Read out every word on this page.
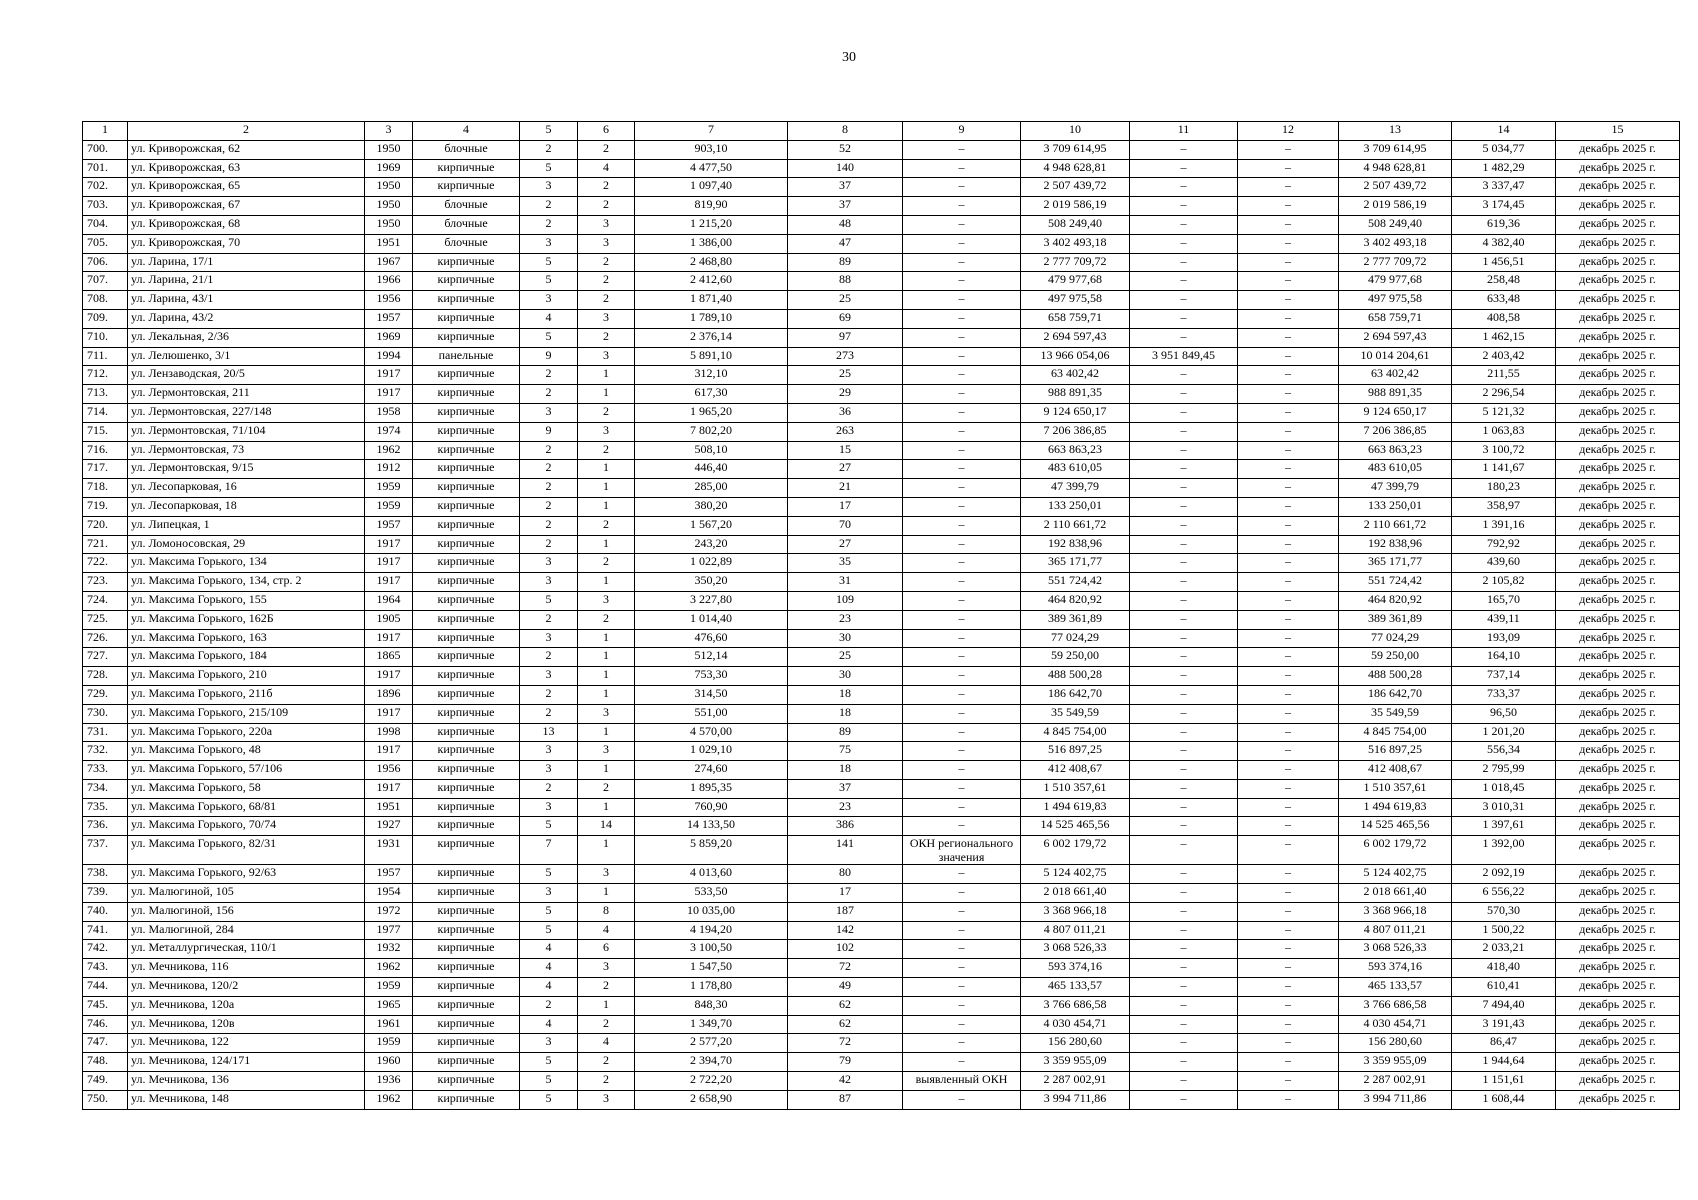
30
1	2	3	4	5	6	7	8	9	10	11	12	13	14	15
700.	ул. Криворожская, 62	1950	блочные	2	2	903,10	52	–	3 709 614,95	–	–	3 709 614,95	5 034,77	декабрь 2025 г.
701.	ул. Криворожская, 63	1969	кирпичные	5	4	4 477,50	140	–	4 948 628,81	–	–	4 948 628,81	1 482,29	декабрь 2025 г.
702.	ул. Криворожская, 65	1950	кирпичные	3	2	1 097,40	37	–	2 507 439,72	–	–	2 507 439,72	3 337,47	декабрь 2025 г.
703.	ул. Криворожская, 67	1950	блочные	2	2	819,90	37	–	2 019 586,19	–	–	2 019 586,19	3 174,45	декабрь 2025 г.
704.	ул. Криворожская, 68	1950	блочные	2	3	1 215,20	48	–	508 249,40	–	–	508 249,40	619,36	декабрь 2025 г.
705.	ул. Криворожская, 70	1951	блочные	3	3	1 386,00	47	–	3 402 493,18	–	–	3 402 493,18	4 382,40	декабрь 2025 г.
706.	ул. Ларина, 17/1	1967	кирпичные	5	2	2 468,80	89	–	2 777 709,72	–	–	2 777 709,72	1 456,51	декабрь 2025 г.
707.	ул. Ларина, 21/1	1966	кирпичные	5	2	2 412,60	88	–	479 977,68	–	–	479 977,68	258,48	декабрь 2025 г.
708.	ул. Ларина, 43/1	1956	кирпичные	3	2	1 871,40	25	–	497 975,58	–	–	497 975,58	633,48	декабрь 2025 г.
709.	ул. Ларина, 43/2	1957	кирпичные	4	3	1 789,10	69	–	658 759,71	–	–	658 759,71	408,58	декабрь 2025 г.
710.	ул. Лекальная, 2/36	1969	кирпичные	5	2	2 376,14	97	–	2 694 597,43	–	–	2 694 597,43	1 462,15	декабрь 2025 г.
711.	ул. Лелюшенко, 3/1	1994	панельные	9	3	5 891,10	273	–	13 966 054,06	3 951 849,45	–	10 014 204,61	2 403,42	декабрь 2025 г.
712.	ул. Лензаводская, 20/5	1917	кирпичные	2	1	312,10	25	–	63 402,42	–	–	63 402,42	211,55	декабрь 2025 г.
713.	ул. Лермонтовская, 211	1917	кирпичные	2	1	617,30	29	–	988 891,35	–	–	988 891,35	2 296,54	декабрь 2025 г.
714.	ул. Лермонтовская, 227/148	1958	кирпичные	3	2	1 965,20	36	–	9 124 650,17	–	–	9 124 650,17	5 121,32	декабрь 2025 г.
715.	ул. Лермонтовская, 71/104	1974	кирпичные	9	3	7 802,20	263	–	7 206 386,85	–	–	7 206 386,85	1 063,83	декабрь 2025 г.
716.	ул. Лермонтовская, 73	1962	кирпичные	2	2	508,10	15	–	663 863,23	–	–	663 863,23	3 100,72	декабрь 2025 г.
717.	ул. Лермонтовская, 9/15	1912	кирпичные	2	1	446,40	27	–	483 610,05	–	–	483 610,05	1 141,67	декабрь 2025 г.
718.	ул. Лесопарковая, 16	1959	кирпичные	2	1	285,00	21	–	47 399,79	–	–	47 399,79	180,23	декабрь 2025 г.
719.	ул. Лесопарковая, 18	1959	кирпичные	2	1	380,20	17	–	133 250,01	–	–	133 250,01	358,97	декабрь 2025 г.
720.	ул. Липецкая, 1	1957	кирпичные	2	2	1 567,20	70	–	2 110 661,72	–	–	2 110 661,72	1 391,16	декабрь 2025 г.
721.	ул. Ломоносовская, 29	1917	кирпичные	2	1	243,20	27	–	192 838,96	–	–	192 838,96	792,92	декабрь 2025 г.
722.	ул. Максима Горького, 134	1917	кирпичные	3	2	1 022,89	35	–	365 171,77	–	–	365 171,77	439,60	декабрь 2025 г.
723.	ул. Максима Горького, 134, стр. 2	1917	кирпичные	3	1	350,20	31	–	551 724,42	–	–	551 724,42	2 105,82	декабрь 2025 г.
724.	ул. Максима Горького, 155	1964	кирпичные	5	3	3 227,80	109	–	464 820,92	–	–	464 820,92	165,70	декабрь 2025 г.
725.	ул. Максима Горького, 162Б	1905	кирпичные	2	2	1 014,40	23	–	389 361,89	–	–	389 361,89	439,11	декабрь 2025 г.
726.	ул. Максима Горького, 163	1917	кирпичные	3	1	476,60	30	–	77 024,29	–	–	77 024,29	193,09	декабрь 2025 г.
727.	ул. Максима Горького, 184	1865	кирпичные	2	1	512,14	25	–	59 250,00	–	–	59 250,00	164,10	декабрь 2025 г.
728.	ул. Максима Горького, 210	1917	кирпичные	3	1	753,30	30	–	488 500,28	–	–	488 500,28	737,14	декабрь 2025 г.
729.	ул. Максима Горького, 211б	1896	кирпичные	2	1	314,50	18	–	186 642,70	–	–	186 642,70	733,37	декабрь 2025 г.
730.	ул. Максима Горького, 215/109	1917	кирпичные	2	3	551,00	18	–	35 549,59	–	–	35 549,59	96,50	декабрь 2025 г.
731.	ул. Максима Горького, 220а	1998	кирпичные	13	1	4 570,00	89	–	4 845 754,00	–	–	4 845 754,00	1 201,20	декабрь 2025 г.
732.	ул. Максима Горького, 48	1917	кирпичные	3	3	1 029,10	75	–	516 897,25	–	–	516 897,25	556,34	декабрь 2025 г.
733.	ул. Максима Горького, 57/106	1956	кирпичные	3	1	274,60	18	–	412 408,67	–	–	412 408,67	2 795,99	декабрь 2025 г.
734.	ул. Максима Горького, 58	1917	кирпичные	2	2	1 895,35	37	–	1 510 357,61	–	–	1 510 357,61	1 018,45	декабрь 2025 г.
735.	ул. Максима Горького, 68/81	1951	кирпичные	3	1	760,90	23	–	1 494 619,83	–	–	1 494 619,83	3 010,31	декабрь 2025 г.
736.	ул. Максима Горького, 70/74	1927	кирпичные	5	14	14 133,50	386	–	14 525 465,56	–	–	14 525 465,56	1 397,61	декабрь 2025 г.
737.	ул. Максима Горького, 82/31	1931	кирпичные	7	1	5 859,20	141	ОКН регионального значения	6 002 179,72	–	–	6 002 179,72	1 392,00	декабрь 2025 г.
738.	ул. Максима Горького, 92/63	1957	кирпичные	5	3	4 013,60	80	–	5 124 402,75	–	–	5 124 402,75	2 092,19	декабрь 2025 г.
739.	ул. Малюгиной, 105	1954	кирпичные	3	1	533,50	17	–	2 018 661,40	–	–	2 018 661,40	6 556,22	декабрь 2025 г.
740.	ул. Малюгиной, 156	1972	кирпичные	5	8	10 035,00	187	–	3 368 966,18	–	–	3 368 966,18	570,30	декабрь 2025 г.
741.	ул. Малюгиной, 284	1977	кирпичные	5	4	4 194,20	142	–	4 807 011,21	–	–	4 807 011,21	1 500,22	декабрь 2025 г.
742.	ул. Металлургическая, 110/1	1932	кирпичные	4	6	3 100,50	102	–	3 068 526,33	–	–	3 068 526,33	2 033,21	декабрь 2025 г.
743.	ул. Мечникова, 116	1962	кирпичные	4	3	1 547,50	72	–	593 374,16	–	–	593 374,16	418,40	декабрь 2025 г.
744.	ул. Мечникова, 120/2	1959	кирпичные	4	2	1 178,80	49	–	465 133,57	–	–	465 133,57	610,41	декабрь 2025 г.
745.	ул. Мечникова, 120а	1965	кирпичные	2	1	848,30	62	–	3 766 686,58	–	–	3 766 686,58	7 494,40	декабрь 2025 г.
746.	ул. Мечникова, 120в	1961	кирпичные	4	2	1 349,70	62	–	4 030 454,71	–	–	4 030 454,71	3 191,43	декабрь 2025 г.
747.	ул. Мечникова, 122	1959	кирпичные	3	4	2 577,20	72	–	156 280,60	–	–	156 280,60	86,47	декабрь 2025 г.
748.	ул. Мечникова, 124/171	1960	кирпичные	5	2	2 394,70	79	–	3 359 955,09	–	–	3 359 955,09	1 944,64	декабрь 2025 г.
749.	ул. Мечникова, 136	1936	кирпичные	5	2	2 722,20	42	выявленный ОКН	2 287 002,91	–	–	2 287 002,91	1 151,61	декабрь 2025 г.
750.	ул. Мечникова, 148	1962	кирпичные	5	3	2 658,90	87	–	3 994 711,86	–	–	3 994 711,86	1 608,44	декабрь 2025 г.
